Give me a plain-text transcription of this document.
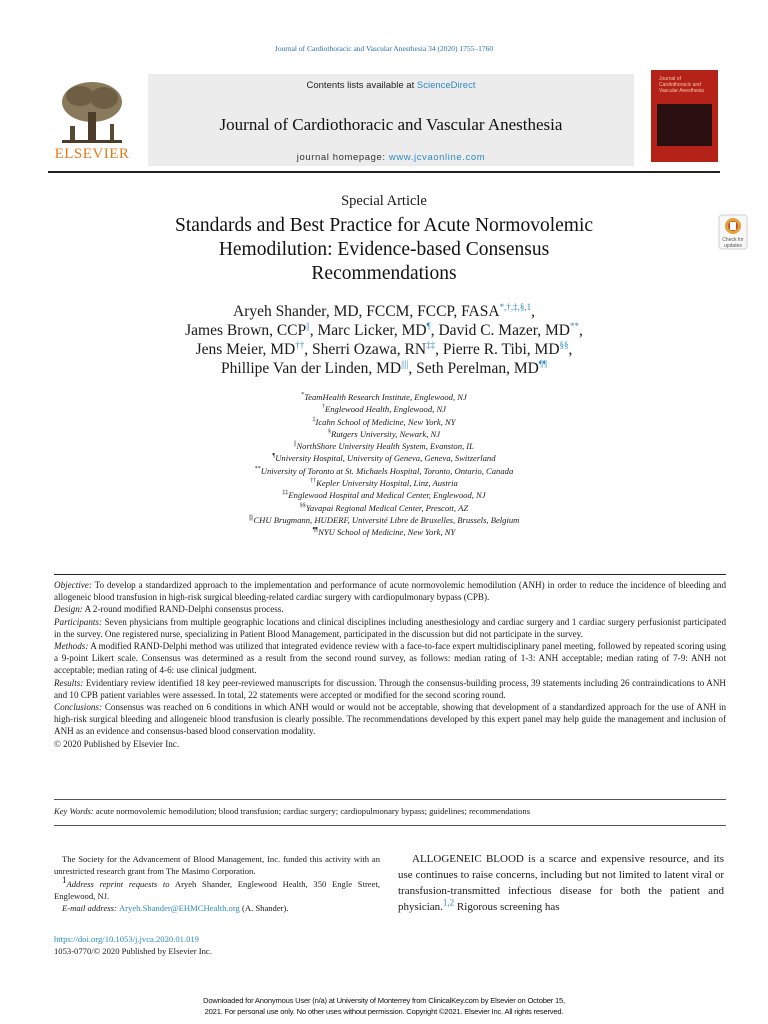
Journal of Cardiothoracic and Vascular Anesthesia 34 (2020) 1755–1760
ELSEVIER
Contents lists available at ScienceDirect
Journal of Cardiothoracic and Vascular Anesthesia
journal homepage: www.jcvaonline.com
Journal of Cardiothoracic and Vascular Anesthesia
Special Article
Standards and Best Practice for Acute Normovolemic
Hemodilution: Evidence-based Consensus
Recommendations
Check for updates
Aryeh Shander, MD, FCCM, FCCP, $FASA^{*,\dagger,\ddagger,\S,1}$,
James Brown, CCP||, Marc Licker, MD¶, David C. Mazer, MD**,
Jens Meier, MD††, Sherri Ozawa, RN‡‡, Pierre R. Tibi, MD§§,
Phillipe Van der Linden, MD||||, Seth Perelman, MD¶¶
*TeamHealth Research Institute, Englewood, NJ
†Englewood Health, Englewood, NJ
‡Icahn School of Medicine, New York, NY
§Rutgers University, Newark, NJ
||NorthShore University Health System, Evanston, IL
¶University Hospital, University of Geneva, Geneva, Switzerland
**University of Toronto at St. Michaels Hospital, Toronto, Ontario, Canada
††Kepler University Hospital, Linz, Austria
‡‡Englewood Hospital and Medical Center, Englewood, NJ
§§Yavapai Regional Medical Center, Prescott, AZ
||||CHU Brugmann, HUDERF, Université Libre de Bruxelles, Brussels, Belgium
¶¶NYU School of Medicine, New York, NY
Objective: To develop a standardized approach to the implementation and performance of acute normovolemic hemodilution (ANH) in order to reduce the incidence of bleeding and allogeneic blood transfusion in high-risk surgical bleeding-related cardiac surgery with cardiopulmonary bypass (CPB).
Design: A 2-round modified RAND-Delphi consensus process.
Participants: Seven physicians from multiple geographic locations and clinical disciplines including anesthesiology and cardiac surgery and 1 cardiac surgery perfusionist participated in the survey. One registered nurse, specializing in Patient Blood Management, participated in the discussion but did not participate in the survey.
Methods: A modified RAND-Delphi method was utilized that integrated evidence review with a face-to-face expert multidisciplinary panel meeting, followed by repeated scoring using a 9-point Likert scale. Consensus was determined as a result from the second round survey, as follows: median rating of 1-3: ANH acceptable; median rating of 7-9: ANH not acceptable; median rating of 4-6: use clinical judgment.
Results: Evidentiary review identified 18 key peer-reviewed manuscripts for discussion. Through the consensus-building process, 39 statements including 26 contraindications to ANH and 10 CPB patient variables were assessed. In total, 22 statements were accepted or modified for the second scoring round.
Conclusions: Consensus was reached on 6 conditions in which ANH would or would not be acceptable, showing that development of a standardized approach for the use of ANH in high-risk surgical bleeding and allogeneic blood transfusion is clearly possible. The recommendations developed by this expert panel may help guide the management and inclusion of ANH as an evidence and consensus-based blood conservation modality.
© 2020 Published by Elsevier Inc.
Key Words: acute normovolemic hemodilution; blood transfusion; cardiac surgery; cardiopulmonary bypass; guidelines; recommendations

The Society for the Advancement of Blood Management, Inc. funded this activity with an unrestricted research grant from The Masimo Corporation.

1Address reprint requests to Aryeh Shander, Englewood Health, 350 Engle Street, Englewood, NJ.

E-mail address: Aryeh.Shander@EHMCHealth.org (A. Shander).

https://doi.org/10.1053/j.jvca.2020.01.019
1053-0770/© 2020 Published by Elsevier Inc.

ALLOGENEIC BLOOD is a scarce and expensive resource, and its use continues to raise concerns, including but not limited to latent viral or transfusion-transmitted infectious disease for both the patient and physician.$^{1,2}$ Rigorous screening has

Downloaded for Anonymous User (n/a) at University of Monterrey from ClinicalKey.com by Elsevier on October 15,
2021. For personal use only. No other uses without permission. Copyright ©2021. Elsevier Inc. All rights reserved.
